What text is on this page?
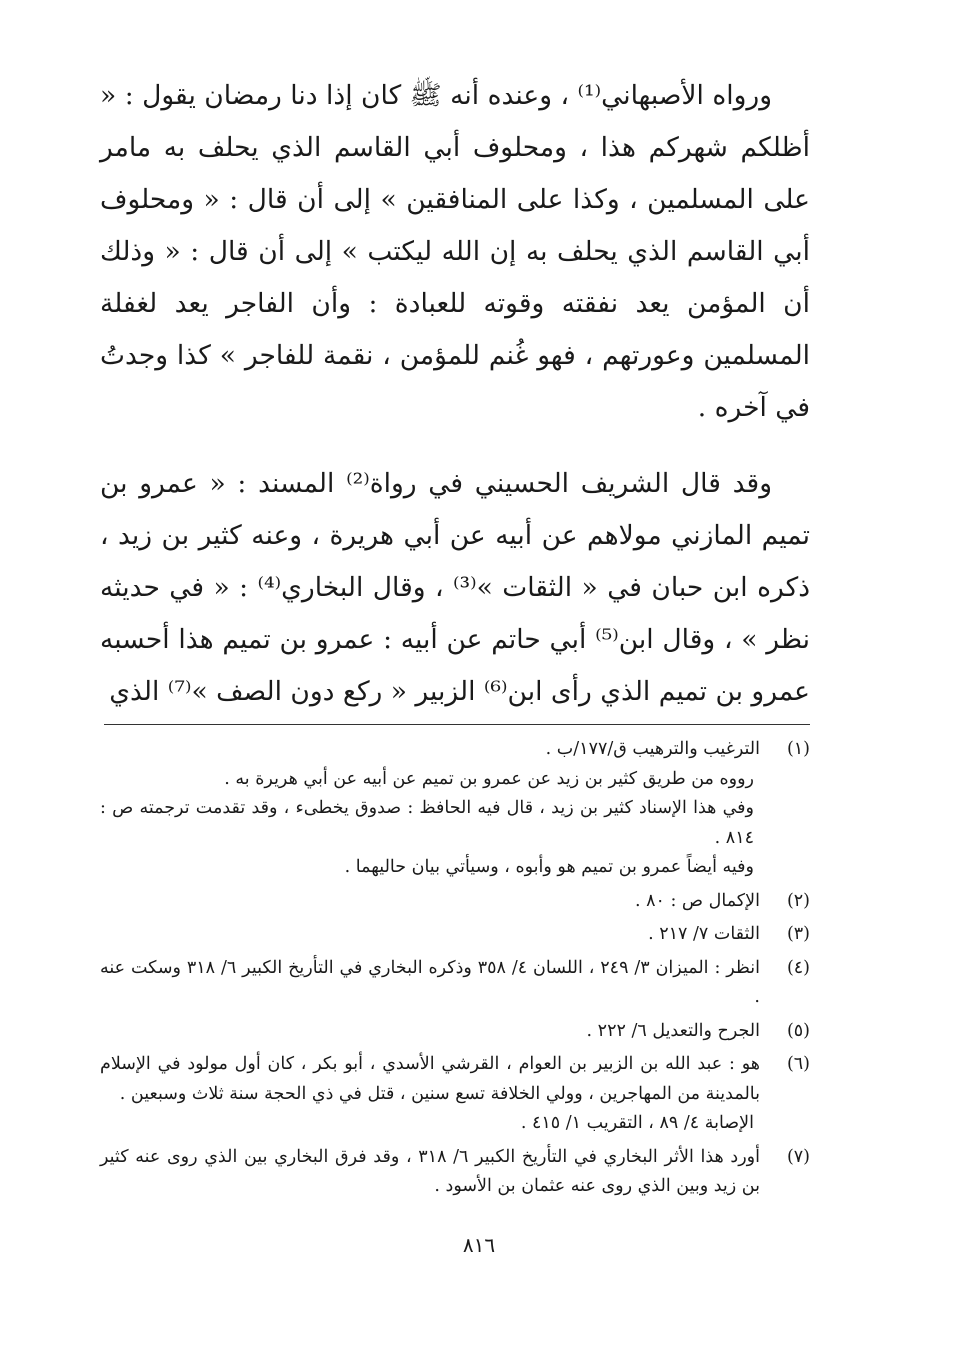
ورواه الأصبهاني⁽¹⁾ ، وعنده أنه ﷺ كان إذا دنا رمضان يقول : « أظلكم شهركم هذا ، ومحلوف أبي القاسم الذي يحلف به مامر على المسلمين ، وكذا على المنافقين » إلى أن قال : « ومحلوف أبي القاسم الذي يحلف به إن الله ليكتب » إلى أن قال : « وذلك أن المؤمن يعد نفقته وقوته للعبادة : وأن الفاجر يعد لغفلة المسلمين وعورتهم ، فهو غُنم للمؤمن ، نقمة للفاجر » كذا وجدتُ في آخره .

وقد قال الشريف الحسيني في رواة⁽²⁾ المسند : « عمرو بن تميم المازني مولاهم عن أبيه عن أبي هريرة ، وعنه كثير بن زيد ، ذكره ابن حبان في « الثقات »⁽³⁾ ، وقال البخاري⁽⁴⁾ : « في حديثه نظر » ، وقال ابن⁽⁵⁾ أبي حاتم عن أبيه : عمرو بن تميم هذا أحسبه عمرو بن تميم الذي رأى ابن⁽⁶⁾ الزبير « ركع دون الصف »⁽⁷⁾ الذي

(١)
الترغيب والترهيب ق/١٧٧/ب .
رووه من طريق كثير بن زيد عن عمرو بن تميم عن أبيه عن أبي هريرة به .
وفي هذا الإسناد كثير بن زيد ، قال فيه الحافظ : صدوق يخطىء ، وقد تقدمت ترجمته ص : ٨١٤ .
وفيه أيضاً عمرو بن تميم هو وأبوه ، وسيأتي بيان حاليهما .
(٢)
الإكمال ص : ٨٠ .
(٣)
الثقات ٧/ ٢١٧ .
(٤)
انظر : الميزان ٣/ ٢٤٩ ، اللسان ٤/ ٣٥٨ وذكره البخاري في التأريخ الكبير ٦/ ٣١٨ وسكت عنه .
(٥)
الجرح والتعديل ٦/ ٢٢٢ .
(٦)
هو : عبد الله بن الزبير بن العوام ، القرشي الأسدي ، أبو بكر ، كان أول مولود في الإسلام بالمدينة من المهاجرين ، وولي الخلافة تسع سنين ، قتل في ذي الحجة سنة ثلاث وسبعين .
الإصابة ٤/ ٨٩ ، التقريب ١/ ٤١٥ .
(٧)
أورد هذا الأثر البخاري في التأريخ الكبير ٦/ ٣١٨ ، وقد فرق البخاري بين الذي روى عنه كثير بن زيد وبين الذي روى عنه عثمان بن الأسود .
٨١٦
